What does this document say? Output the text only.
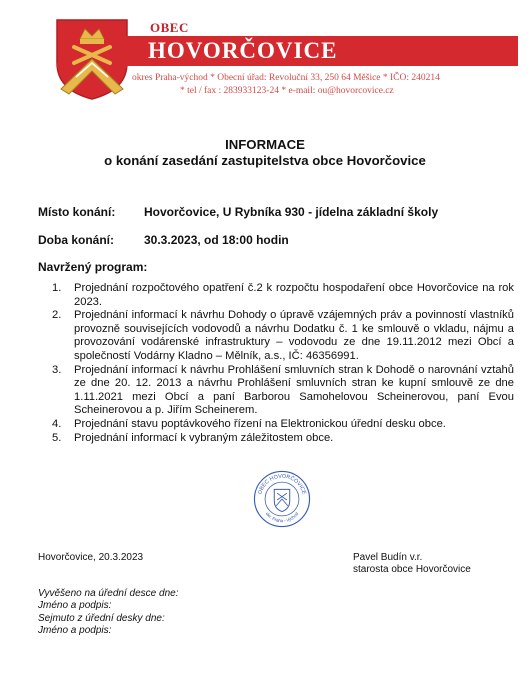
OBEC
HOVORČOVICE
okres Praha-východ * Obecní úřad: Revoluční 33, 250 64 Měšice * IČO: 240214
* tel / fax : 283933123-24 * e-mail: ou@hovorcovice.cz
INFORMACE
o konání zasedání zastupitelstva obce Hovorčovice
Místo konání: Hovorčovice, U Rybníka 930 - jídelna základní školy
Doba konání: 30.3.2023, od 18:00 hodin
Navržený program:
1. Projednání rozpočtového opatření č.2 k rozpočtu hospodaření obce Hovorčovice na rok 2023.
2. Projednání informací k návrhu Dohody o úpravě vzájemných práv a povinností vlastníků provozně souvisejících vodovodů a návrhu Dodatku č. 1 ke smlouvě o vkladu, nájmu a provozování vodárenské infrastruktury – vodovodu ze dne 19.11.2012 mezi Obcí a společností Vodárny Kladno – Mělník, a.s., IČ: 46356991.
3. Projednání informací k návrhu Prohlášení smluvních stran k Dohodě o narovnání vztahů ze dne 20. 12. 2013 a návrhu Prohlášení smluvních stran ke kupní smlouvě ze dne 1.11.2021 mezi Obcí a paní Barborou Samohelovou Scheinerovou, paní Evou Scheinerovou a p. Jiřím Scheinerem.
4. Projednání stavu poptávkového řízení na Elektronickou úřední desku obce.
5. Projednání informací k vybraným záležitostem obce.
OBEC HOVORČOVICE
okr. Praha - východ
Hovorčovice, 20.3.2023	Pavel Budín v.r.
starosta obce Hovorčovice
Vyvěšeno na úřední desce dne:
Jméno a podpis:
Sejmuto z úřední desky dne:
Jméno a podpis:
